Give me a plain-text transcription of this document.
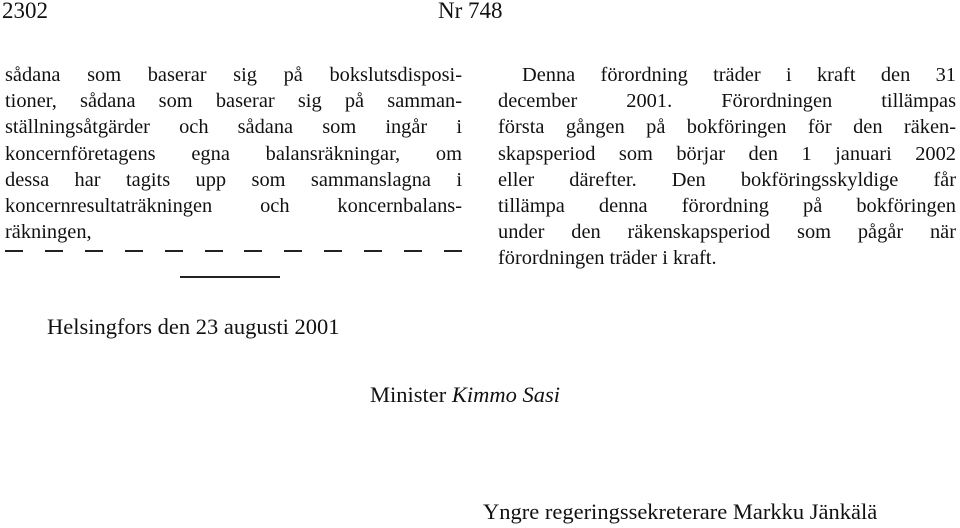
2302	Nr 748
sådana som baserar sig på bokslutsdisposi-
tioner, sådana som baserar sig på samman-
ställningsåtgärder och sådana som ingår i
koncernföretagens egna balansräkningar, om
dessa har tagits upp som sammanslagna i
koncernresultaträkningen och koncernbalans-
räkningen,
Denna förordning träder i kraft den 31
december 2001. Förordningen tillämpas
första gången på bokföringen för den räken-
skapsperiod som börjar den 1 januari 2002
eller därefter. Den bokföringsskyldige får
tillämpa denna förordning på bokföringen
under den räkenskapsperiod som pågår när
förordningen träder i kraft.
Helsingfors den 23 augusti 2001
Minister Kimmo Sasi
Yngre regeringssekreterare Markku Jänkälä
